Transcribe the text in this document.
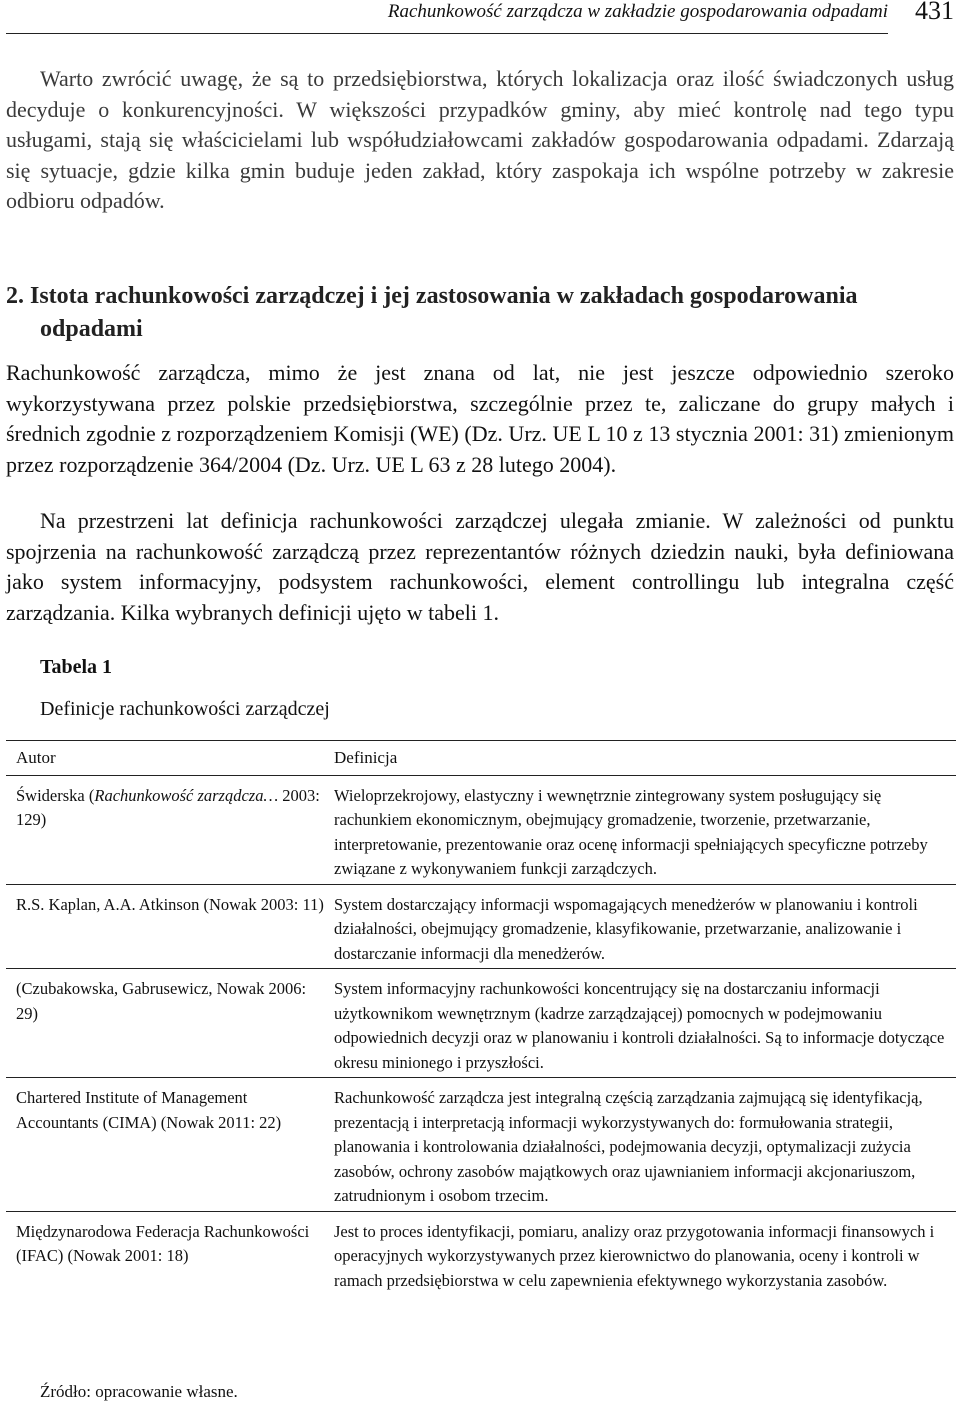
Rachunkowość zarządcza w zakładzie gospodarowania odpadami 431

Warto zwrócić uwagę, że są to przedsiębiorstwa, których lokalizacja oraz ilość świadczonych usług decyduje o konkurencyjności. W większości przypadków gminy, aby mieć kontrolę nad tego typu usługami, stają się właścicielami lub współudziałowcami zakładów gospodarowania odpadami. Zdarzają się sytuacje, gdzie kilka gmin buduje jeden zakład, który zaspokaja ich wspólne potrzeby w zakresie odbioru odpadów.

2. Istota rachunkowości zarządczej i jej zastosowania w zakładach gospodarowania odpadami

Rachunkowość zarządcza, mimo że jest znana od lat, nie jest jeszcze odpowiednio szeroko wykorzystywana przez polskie przedsiębiorstwa, szczególnie przez te, zaliczane do grupy małych i średnich zgodnie z rozporządzeniem Komisji (WE) (Dz. Urz. UE L 10 z 13 stycznia 2001: 31) zmienionym przez rozporządzenie 364/2004 (Dz. Urz. UE L 63 z 28 lutego 2004).

Na przestrzeni lat definicja rachunkowości zarządczej ulegała zmianie. W zależności od punktu spojrzenia na rachunkowość zarządczą przez reprezentantów różnych dziedzin nauki, była definiowana jako system informacyjny, podsystem rachunkowości, element controllingu lub integralna część zarządzania. Kilka wybranych definicji ujęto w tabeli 1.

Tabela 1

Definicje rachunkowości zarządczej

Autor	Definicja
Świderska (Rachunkowość zarządcza… 2003: 129)	Wieloprzekrojowy, elastyczny i wewnętrznie zintegrowany system posługujący się rachunkiem ekonomicznym, obejmujący gromadzenie, tworzenie, przetwarzanie, interpretowanie, prezentowanie oraz ocenę informacji spełniających specyficzne potrzeby związane z wykonywaniem funkcji zarządczych.
R.S. Kaplan, A.A. Atkinson (Nowak 2003: 11)	System dostarczający informacji wspomagających menedżerów w planowaniu i kontroli działalności, obejmujący gromadzenie, klasyfikowanie, przetwarzanie, analizowanie i dostarczanie informacji dla menedżerów.
(Czubakowska, Gabrusewicz, Nowak 2006: 29)	System informacyjny rachunkowości koncentrujący się na dostarczaniu informacji użytkownikom wewnętrznym (kadrze zarządzającej) pomocnych w podejmowaniu odpowiednich decyzji oraz w planowaniu i kontroli działalności. Są to informacje dotyczące okresu minionego i przyszłości.
Chartered Institute of Management Accountants (CIMA) (Nowak 2011: 22)	Rachunkowość zarządcza jest integralną częścią zarządzania zajmującą się identyfikacją, prezentacją i interpretacją informacji wykorzystywanych do: formułowania strategii, planowania i kontrolowania działalności, podejmowania decyzji, optymalizacji zużycia zasobów, ochrony zasobów majątkowych oraz ujawnianiem informacji akcjonariuszom, zatrudnionym i osobom trzecim.
Międzynarodowa Federacja Rachunkowości (IFAC) (Nowak 2001: 18)	Jest to proces identyfikacji, pomiaru, analizy oraz przygotowania informacji finansowych i operacyjnych wykorzystywanych przez kierownictwo do planowania, oceny i kontroli w ramach przedsiębiorstwa w celu zapewnienia efektywnego wykorzystania zasobów.

Źródło: opracowanie własne.
